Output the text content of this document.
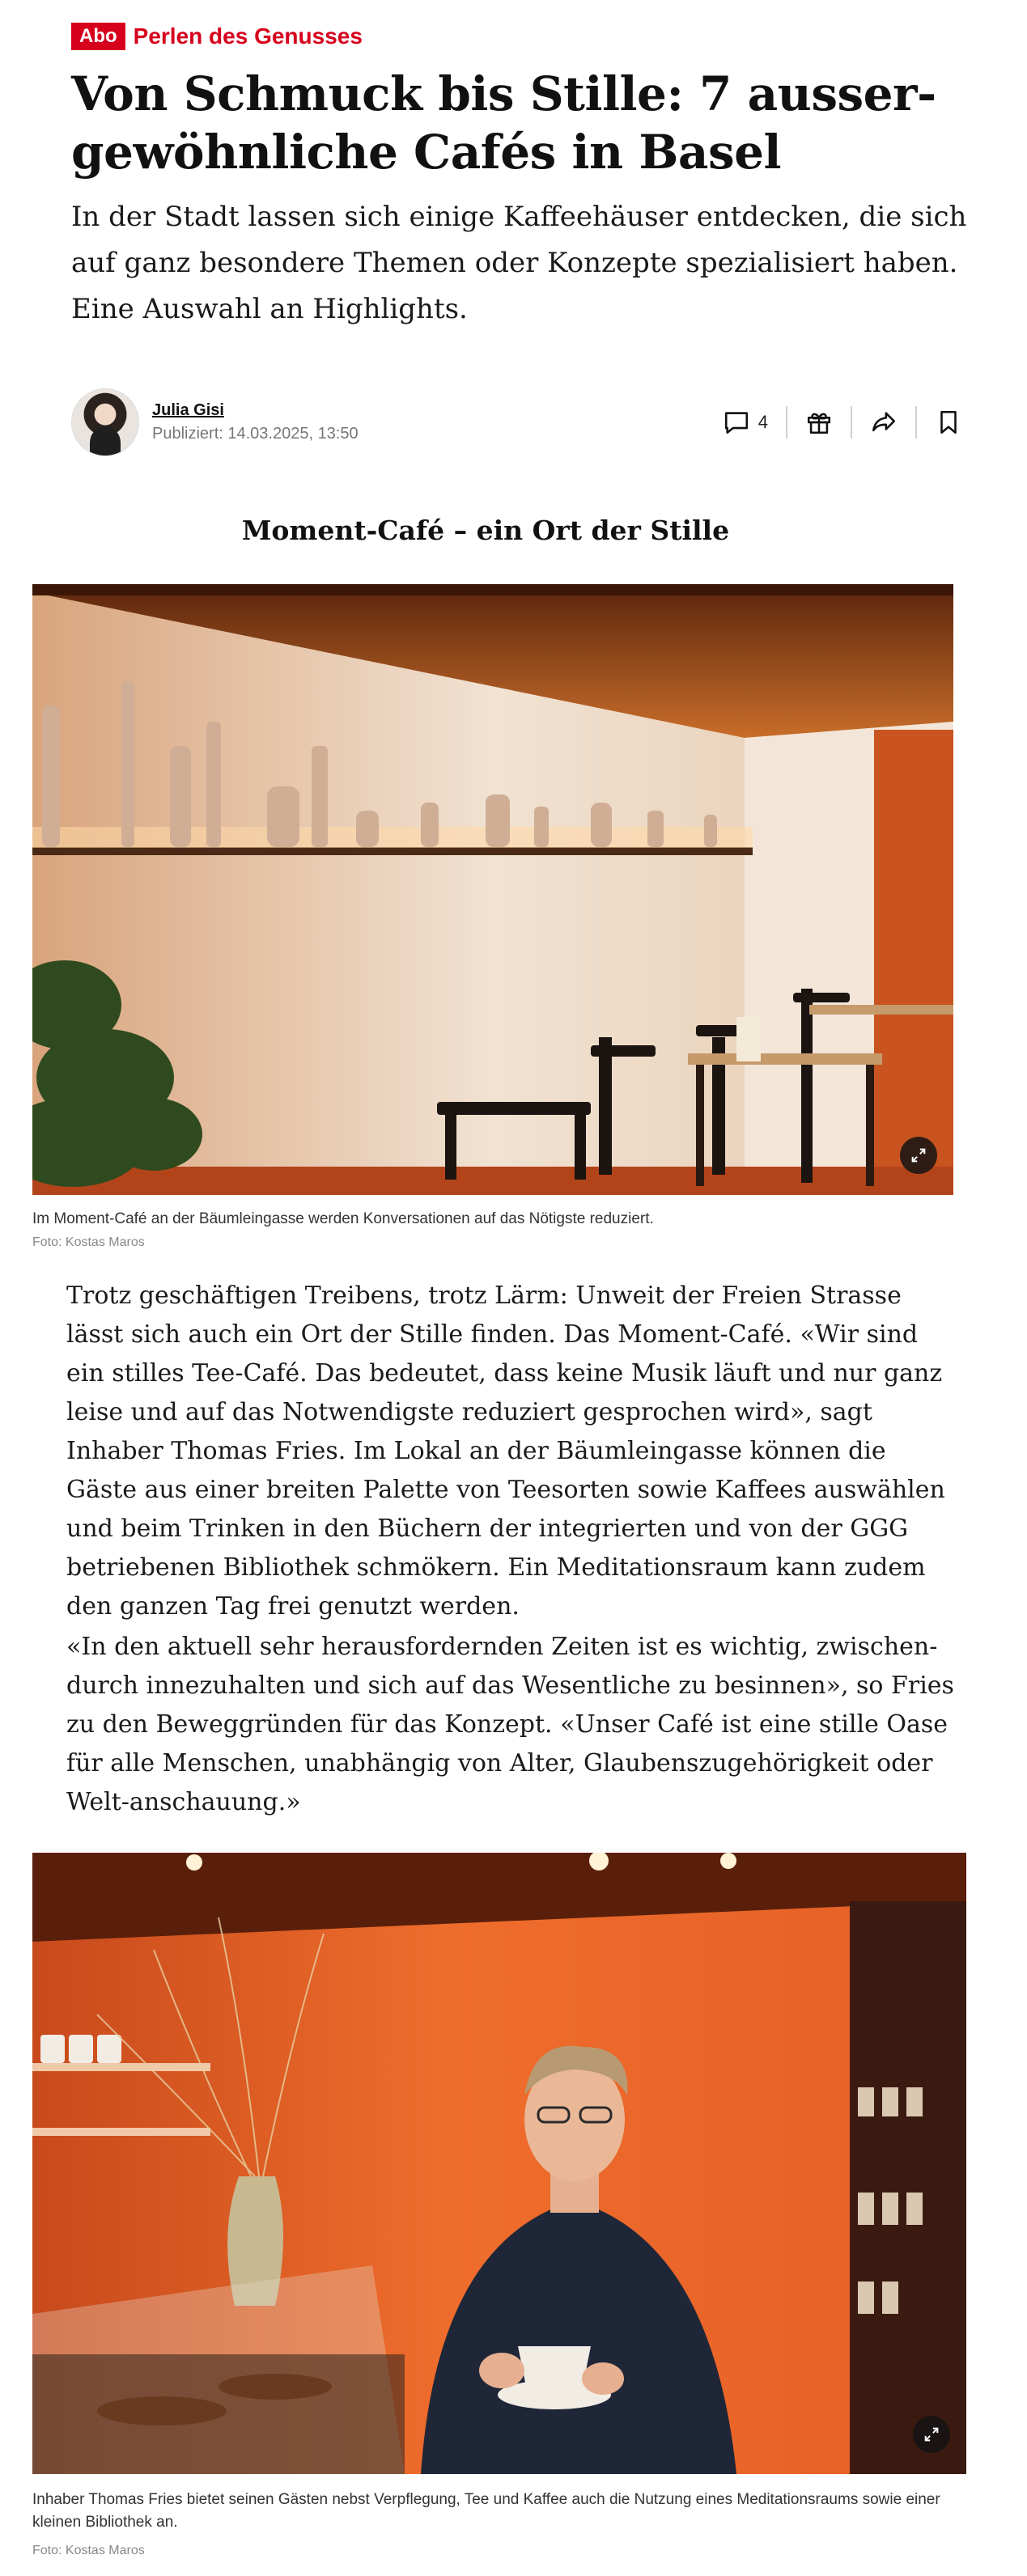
Abo Perlen des Genusses
Von Schmuck bis Stille: 7 ausser-gewöhnliche Cafés in Basel

In der Stadt lassen sich einige Kaffeehäuser entdecken, die sich auf ganz besondere Themen oder Konzepte spezialisiert haben. Eine Auswahl an Highlights.

Julia Gisi
Publiziert: 14.03.2025, 13:50
4
Moment-Café – ein Ort der Stille

Im Moment-Café an der Bäumleingasse werden Konversationen auf das Nötigste reduziert.

Foto: Kostas Maros

Trotz geschäftigen Treibens, trotz Lärm: Unweit der Freien Strasse lässt sich auch ein Ort der Stille finden. Das Moment-Café. «Wir sind ein stilles Tee-Café. Das bedeutet, dass keine Musik läuft und nur ganz leise und auf das Notwendigste reduziert gesprochen wird», sagt Inhaber Thomas Fries. Im Lokal an der Bäumleingasse können die Gäste aus einer breiten Palette von Teesorten sowie Kaffees auswählen und beim Trinken in den Büchern der integrierten und von der GGG betriebenen Bibliothek schmökern. Ein Meditationsraum kann zudem den ganzen Tag frei genutzt werden.

«In den aktuell sehr herausfordernden Zeiten ist es wichtig, zwischen-durch innezuhalten und sich auf das Wesentliche zu besinnen», so Fries zu den Beweggründen für das Konzept. «Unser Café ist eine stille Oase für alle Menschen, unabhängig von Alter, Glaubenszugehörigkeit oder Welt-anschauung.»

Inhaber Thomas Fries bietet seinen Gästen nebst Verpflegung, Tee und Kaffee auch die Nutzung eines Meditationsraums sowie einer kleinen Bibliothek an.

Foto: Kostas Maros
